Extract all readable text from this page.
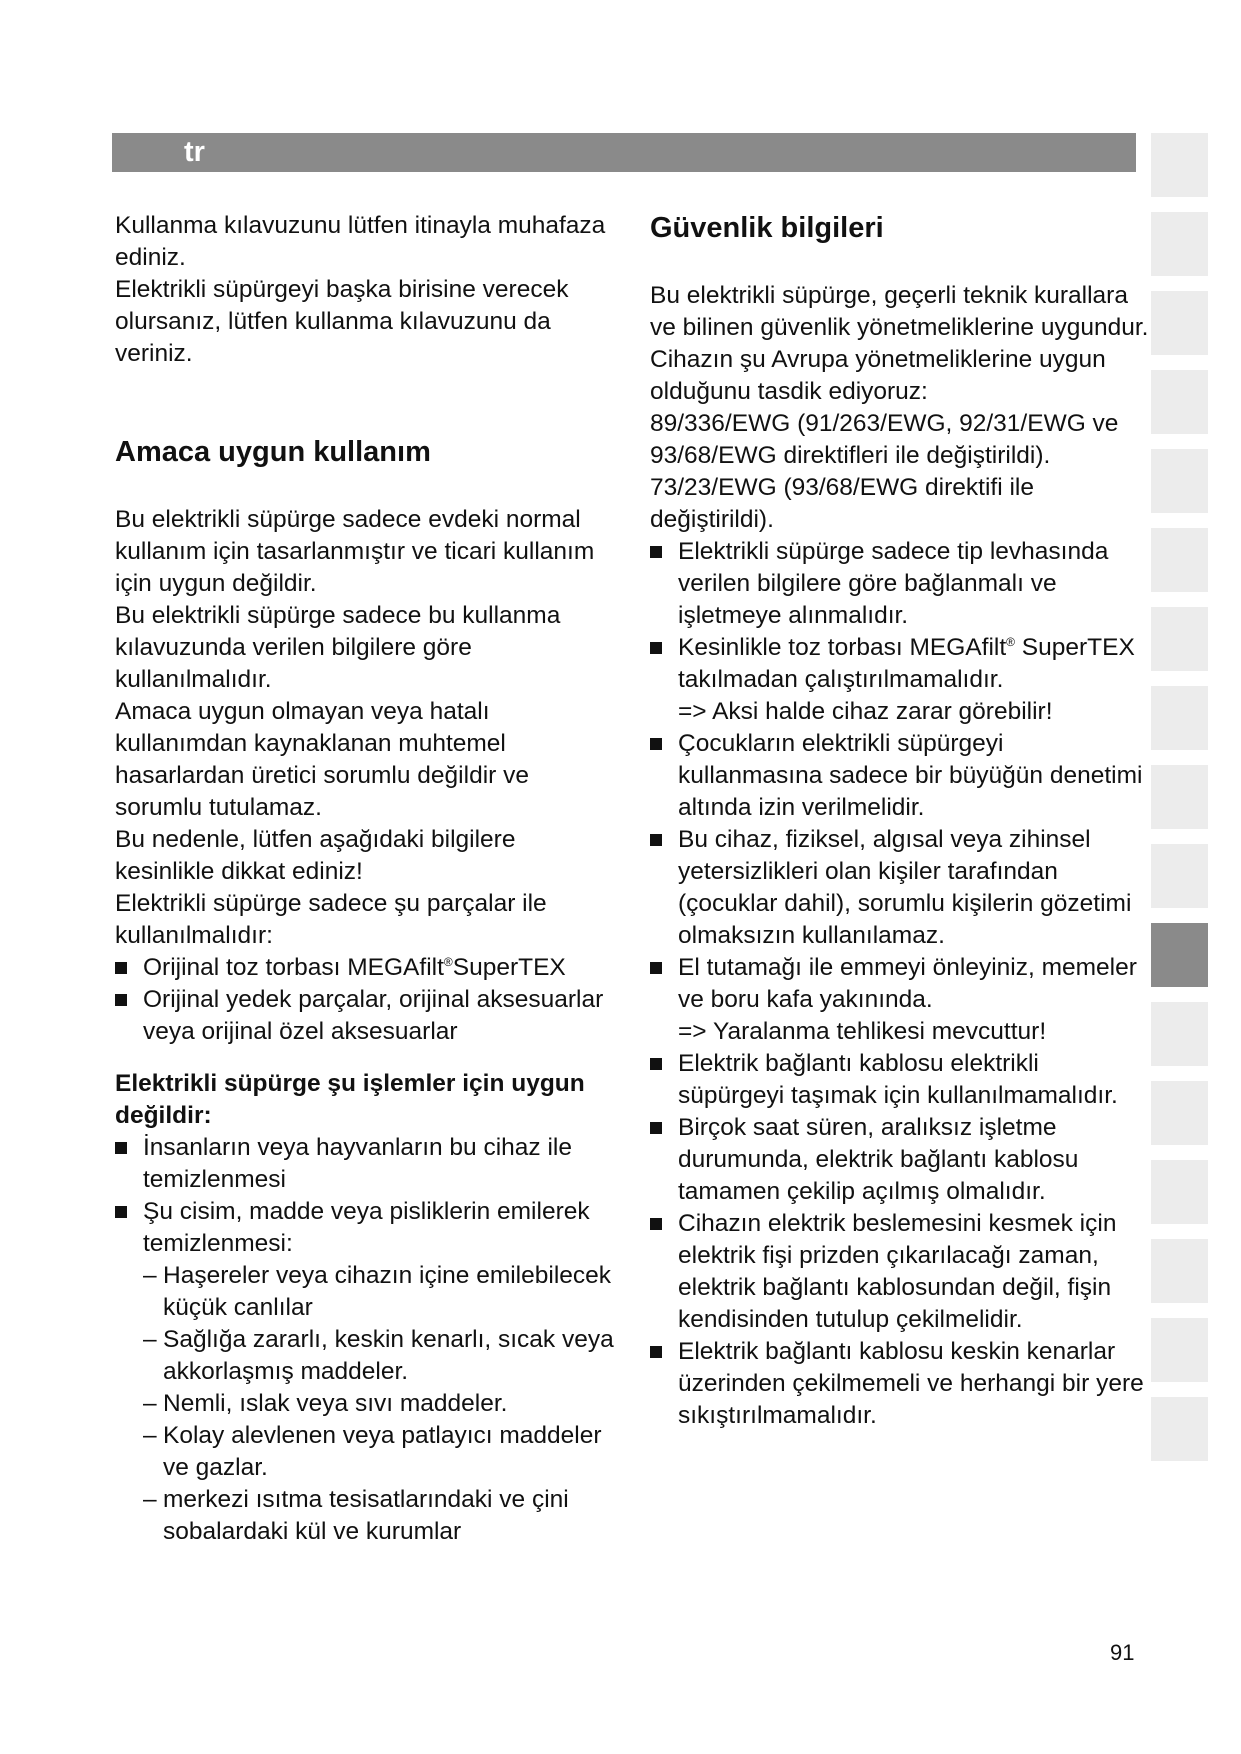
tr

Kullanma kılavuzunu lütfen itinayla muhafaza ediniz.

Elektrikli süpürgeyi başka birisine verecek olursanız, lütfen kullanma kılavuzunu da veriniz.

Amaca uygun kullanım

Bu elektrikli süpürge sadece evdeki normal kullanım için tasarlanmıştır ve ticari kullanım için uygun değildir.

Bu elektrikli süpürge sadece bu kullanma kılavuzunda verilen bilgilere göre kullanılmalıdır.

Amaca uygun olmayan veya hatalı kullanımdan kaynaklanan muhtemel hasarlardan üretici sorumlu değildir ve sorumlu tutulamaz.

Bu nedenle, lütfen aşağıdaki bilgilere kesinlikle dikkat ediniz!

Elektrikli süpürge sadece şu parçalar ile kullanılmalıdır:

Orijinal toz torbası MEGAfilt®SuperTEX
Orijinal yedek parçalar, orijinal aksesuarlar veya orijinal özel aksesuarlar
Elektrikli süpürge şu işlemler için uygun değildir:
İnsanların veya hayvanların bu cihaz ile temizlenmesi
Şu cisim, madde veya pisliklerin emilerek temizlenmesi:
– Haşereler veya cihazın içine emilebilecek küçük canlılar
– Sağlığa zararlı, keskin kenarlı, sıcak veya akkorlaşmış maddeler.
– Nemli, ıslak veya sıvı maddeler.
– Kolay alevlenen veya patlayıcı maddeler ve gazlar.
– merkezi ısıtma tesisatlarındaki ve çini sobalardaki kül ve kurumlar
Güvenlik bilgileri

Bu elektrikli süpürge, geçerli teknik kurallara ve bilinen güvenlik yönetmeliklerine uygundur.

Cihazın şu Avrupa yönetmeliklerine uygun olduğunu tasdik ediyoruz:

89/336/EWG (91/263/EWG, 92/31/EWG ve 93/68/EWG direktifleri ile değiştirildi).

73/23/EWG (93/68/EWG direktifi ile değiştirildi).

Elektrikli süpürge sadece tip levhasında verilen bilgilere göre bağlanmalı ve işletmeye alınmalıdır.
Kesinlikle toz torbası MEGAfilt® SuperTEX takılmadan çalıştırılmamalıdır.
=> Aksi halde cihaz zarar görebilir!
Çocukların elektrikli süpürgeyi kullanmasına sadece bir büyüğün denetimi altında izin verilmelidir.
Bu cihaz, fiziksel, algısal veya zihinsel yetersizlikleri olan kişiler tarafından (çocuklar dahil), sorumlu kişilerin gözetimi olmaksızın kullanılamaz.
El tutamağı ile emmeyi önleyiniz, memeler ve boru kafa yakınında.
=> Yaralanma tehlikesi mevcuttur!
Elektrik bağlantı kablosu elektrikli süpürgeyi taşımak için kullanılmamalıdır.
Birçok saat süren, aralıksız işletme durumunda, elektrik bağlantı kablosu tamamen çekilip açılmış olmalıdır.
Cihazın elektrik beslemesini kesmek için elektrik fişi prizden çıkarılacağı zaman, elektrik bağlantı kablosundan değil, fişin kendisinden tutulup çekilmelidir.
Elektrik bağlantı kablosu keskin kenarlar üzerinden çekilmemeli ve herhangi bir yere sıkıştırılmamalıdır.
91
